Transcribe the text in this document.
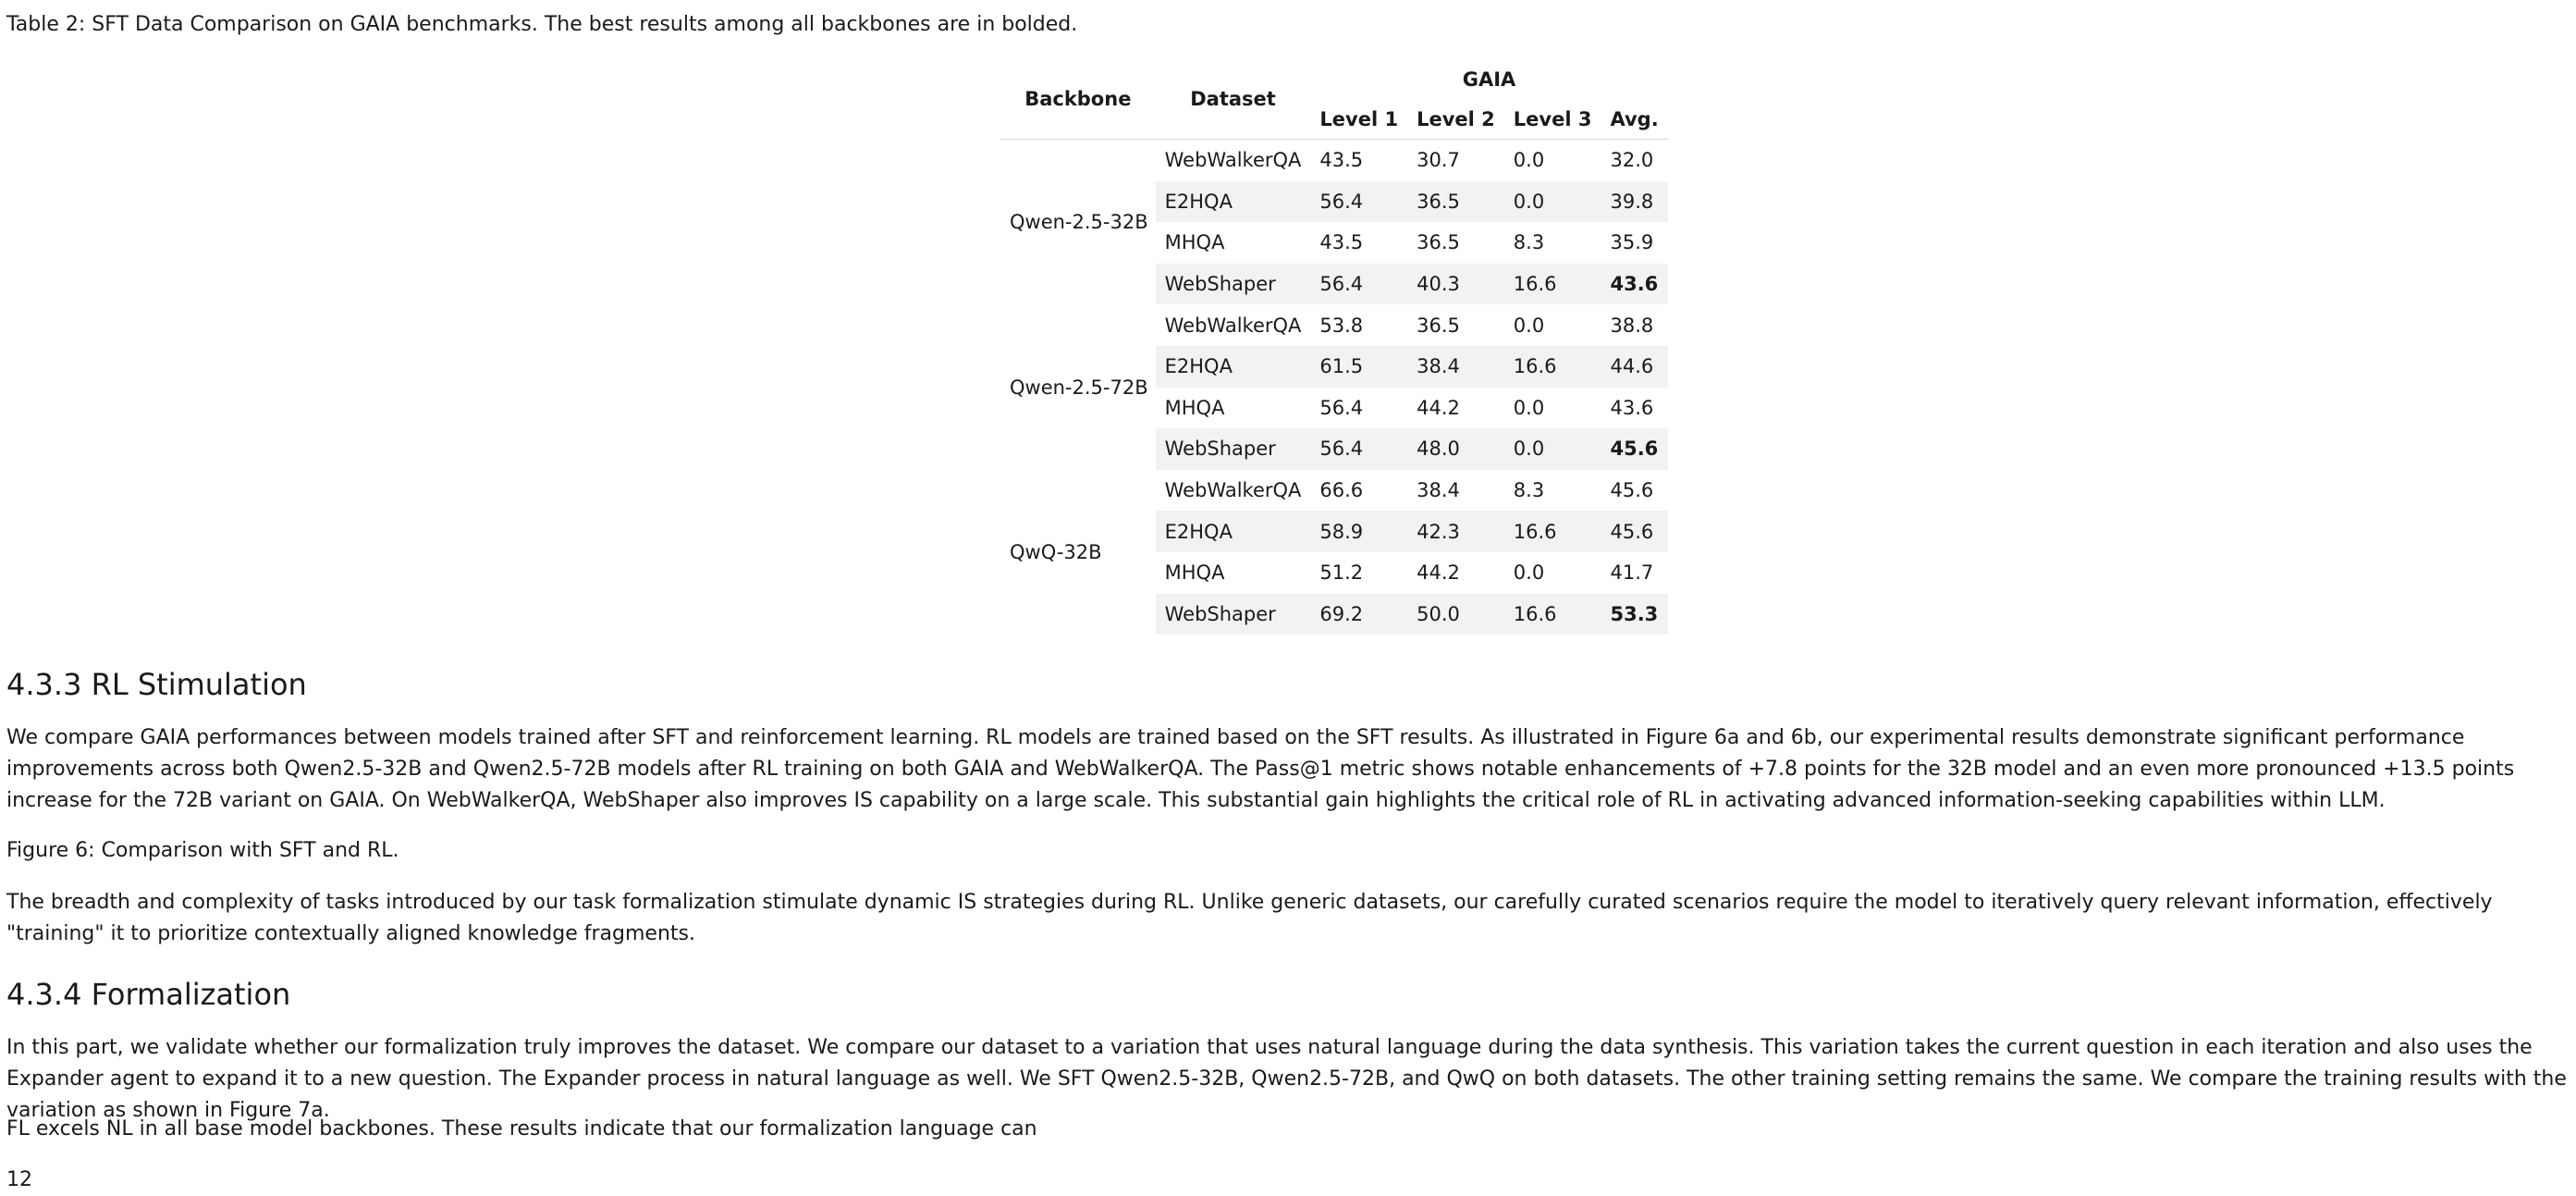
Table 2: SFT Data Comparison on GAIA benchmarks. The best results among all backbones are in bolded.
Backbone	Dataset	GAIA			
		Level 1	Level 2	Level 3	Avg.
Qwen-2.5-32B	WebWalkerQA	43.5	30.7	0.0	32.0
	E2HQA	56.4	36.5	0.0	39.8
	MHQA	43.5	36.5	8.3	35.9
	WebShaper	56.4	40.3	16.6	43.6
Qwen-2.5-72B	WebWalkerQA	53.8	36.5	0.0	38.8
	E2HQA	61.5	38.4	16.6	44.6
	MHQA	56.4	44.2	0.0	43.6
	WebShaper	56.4	48.0	0.0	45.6
QwQ-32B	WebWalkerQA	66.6	38.4	8.3	45.6
	E2HQA	58.9	42.3	16.6	45.6
	MHQA	51.2	44.2	0.0	41.7
	WebShaper	69.2	50.0	16.6	53.3
4.3.3 RL Stimulation

We compare GAIA performances between models trained after SFT and reinforcement learning. RL models are trained based on the SFT results. As illustrated in Figure 6a and 6b, our experimental results demonstrate significant performance improvements across both Qwen2.5-32B and Qwen2.5-72B models after RL training on both GAIA and WebWalkerQA. The Pass@1 metric shows notable enhancements of +7.8 points for the 32B model and an even more pronounced +13.5 points increase for the 72B variant on GAIA. On WebWalkerQA, WebShaper also improves IS capability on a large scale. This substantial gain highlights the critical role of RL in activating advanced information-seeking capabilities within LLM.

Figure 6: Comparison with SFT and RL.

The breadth and complexity of tasks introduced by our task formalization stimulate dynamic IS strategies during RL. Unlike generic datasets, our carefully curated scenarios require the model to iteratively query relevant information, effectively "training" it to prioritize contextually aligned knowledge fragments.

4.3.4 Formalization

In this part, we validate whether our formalization truly improves the dataset. We compare our dataset to a variation that uses natural language during the data synthesis. This variation takes the current question in each iteration and also uses the Expander agent to expand it to a new question. The Expander process in natural language as well. We SFT Qwen2.5-32B, Qwen2.5-72B, and QwQ on both datasets. The other training setting remains the same. We compare the training results with the variation as shown in Figure 7a.

FL excels NL in all base model backbones. These results indicate that our formalization language can

12
